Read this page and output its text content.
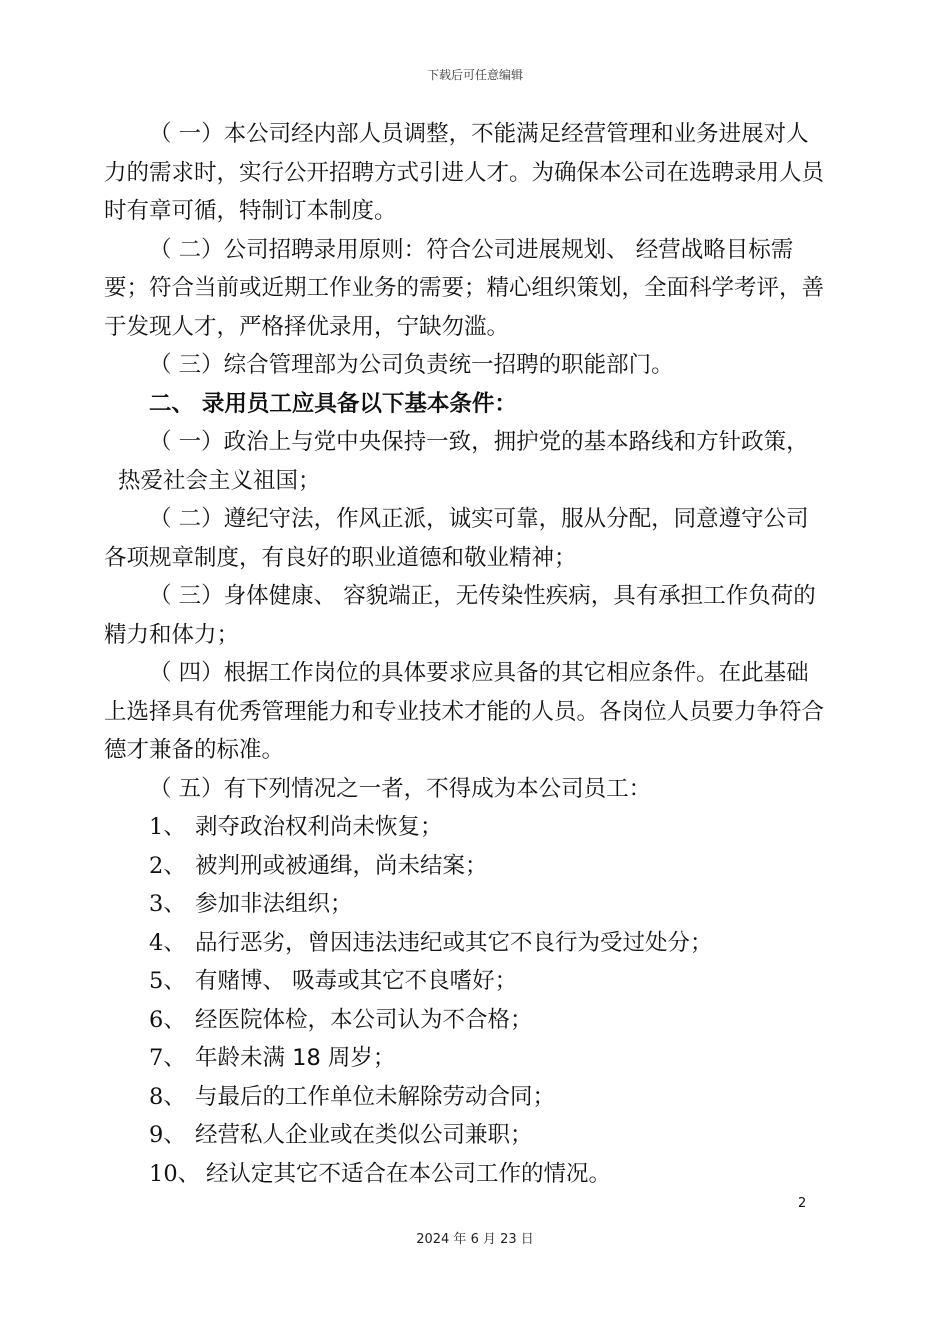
下载后可任意编辑

（ 一）本公司经内部人员调整，不能满足经营管理和业务进展对人力的需求时，实行公开招聘方式引进人才。为确保本公司在选聘录用人员时有章可循，特制订本制度。

（ 二）公司招聘录用原则：符合公司进展规划、 经营战略目标需要；符合当前或近期工作业务的需要；精心组织策划，全面科学考评，善于发现人才，严格择优录用，宁缺勿滥。

（ 三）综合管理部为公司负责统一招聘的职能部门。

二、 录用员工应具备以下基本条件：

（ 一）政治上与党中央保持一致，拥护党的基本路线和方针政策，

热爱社会主义祖国；

（ 二）遵纪守法，作风正派，诚实可靠，服从分配，同意遵守公司各项规章制度，有良好的职业道德和敬业精神；

（ 三）身体健康、 容貌端正，无传染性疾病，具有承担工作负荷的精力和体力；

（ 四）根据工作岗位的具体要求应具备的其它相应条件。在此基础上选择具有优秀管理能力和专业技术才能的人员。各岗位人员要力争符合德才兼备的标准。

（ 五）有下列情况之一者，不得成为本公司员工：

1、 剥夺政治权利尚未恢复；

2、 被判刑或被通缉，尚未结案；

3、 参加非法组织；

4、 品行恶劣，曾因违法违纪或其它不良行为受过处分；

5、 有赌博、 吸毒或其它不良嗜好；

6、 经医院体检，本公司认为不合格；

7、 年龄未满 18 周岁；

8、 与最后的工作单位未解除劳动合同；

9、 经营私人企业或在类似公司兼职；

10、 经认定其它不适合在本公司工作的情况。

2
2024 年 6 月 23 日
